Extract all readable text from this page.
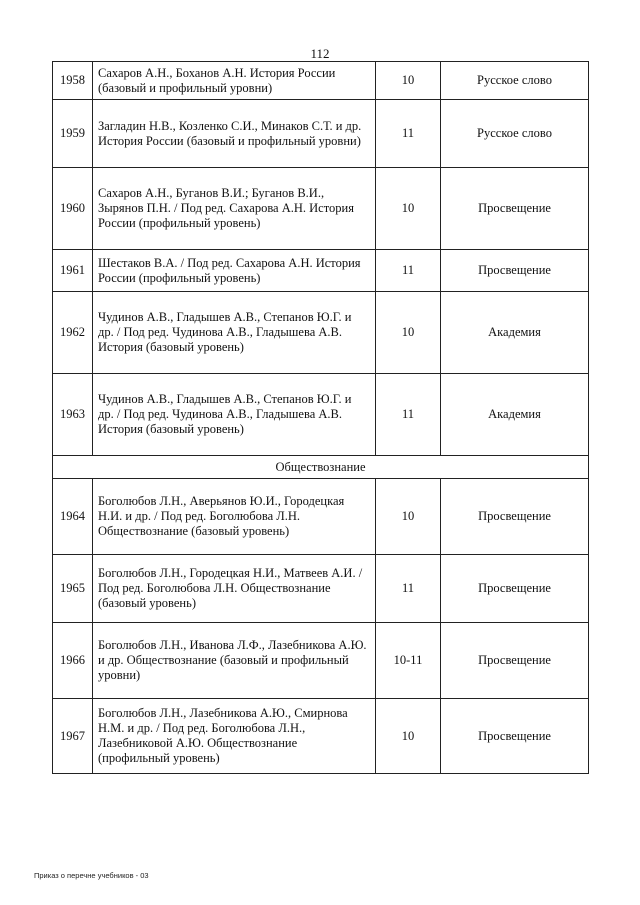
112
1958	Сахаров А.Н., Боханов А.Н. История России (базовый и профильный уровни)	10	Русское слово
1959	Загладин Н.В., Козленко С.И., Минаков С.Т. и др. История России (базовый и профильный уровни)	11	Русское слово
1960	Сахаров А.Н., Буганов В.И.; Буганов В.И., Зырянов П.Н. / Под ред. Сахарова А.Н. История России (профильный уровень)	10	Просвещение
1961	Шестаков В.А. / Под ред. Сахарова А.Н. История России (профильный уровень)	11	Просвещение
1962	Чудинов А.В., Гладышев А.В., Степанов Ю.Г. и др. / Под ред. Чудинова А.В., Гладышева А.В. История (базовый уровень)	10	Академия
1963	Чудинов А.В., Гладышев А.В., Степанов Ю.Г. и др. / Под ред. Чудинова А.В., Гладышева А.В. История (базовый уровень)	11	Академия
Обществознание			
1964	Боголюбов Л.Н., Аверьянов Ю.И., Городецкая Н.И. и др. / Под ред. Боголюбова Л.Н. Обществознание (базовый уровень)	10	Просвещение
1965	Боголюбов Л.Н., Городецкая Н.И., Матвеев А.И. / Под ред. Боголюбова Л.Н. Обществознание (базовый уровень)	11	Просвещение
1966	Боголюбов Л.Н., Иванова Л.Ф., Лазебникова А.Ю. и др. Обществознание (базовый и профильный уровни)	10-11	Просвещение
1967	Боголюбов Л.Н., Лазебникова А.Ю., Смирнова Н.М. и др. / Под ред. Боголюбова Л.Н., Лазебниковой А.Ю. Обществознание (профильный уровень)	10	Просвещение
Приказ о перечне учебников - 03
